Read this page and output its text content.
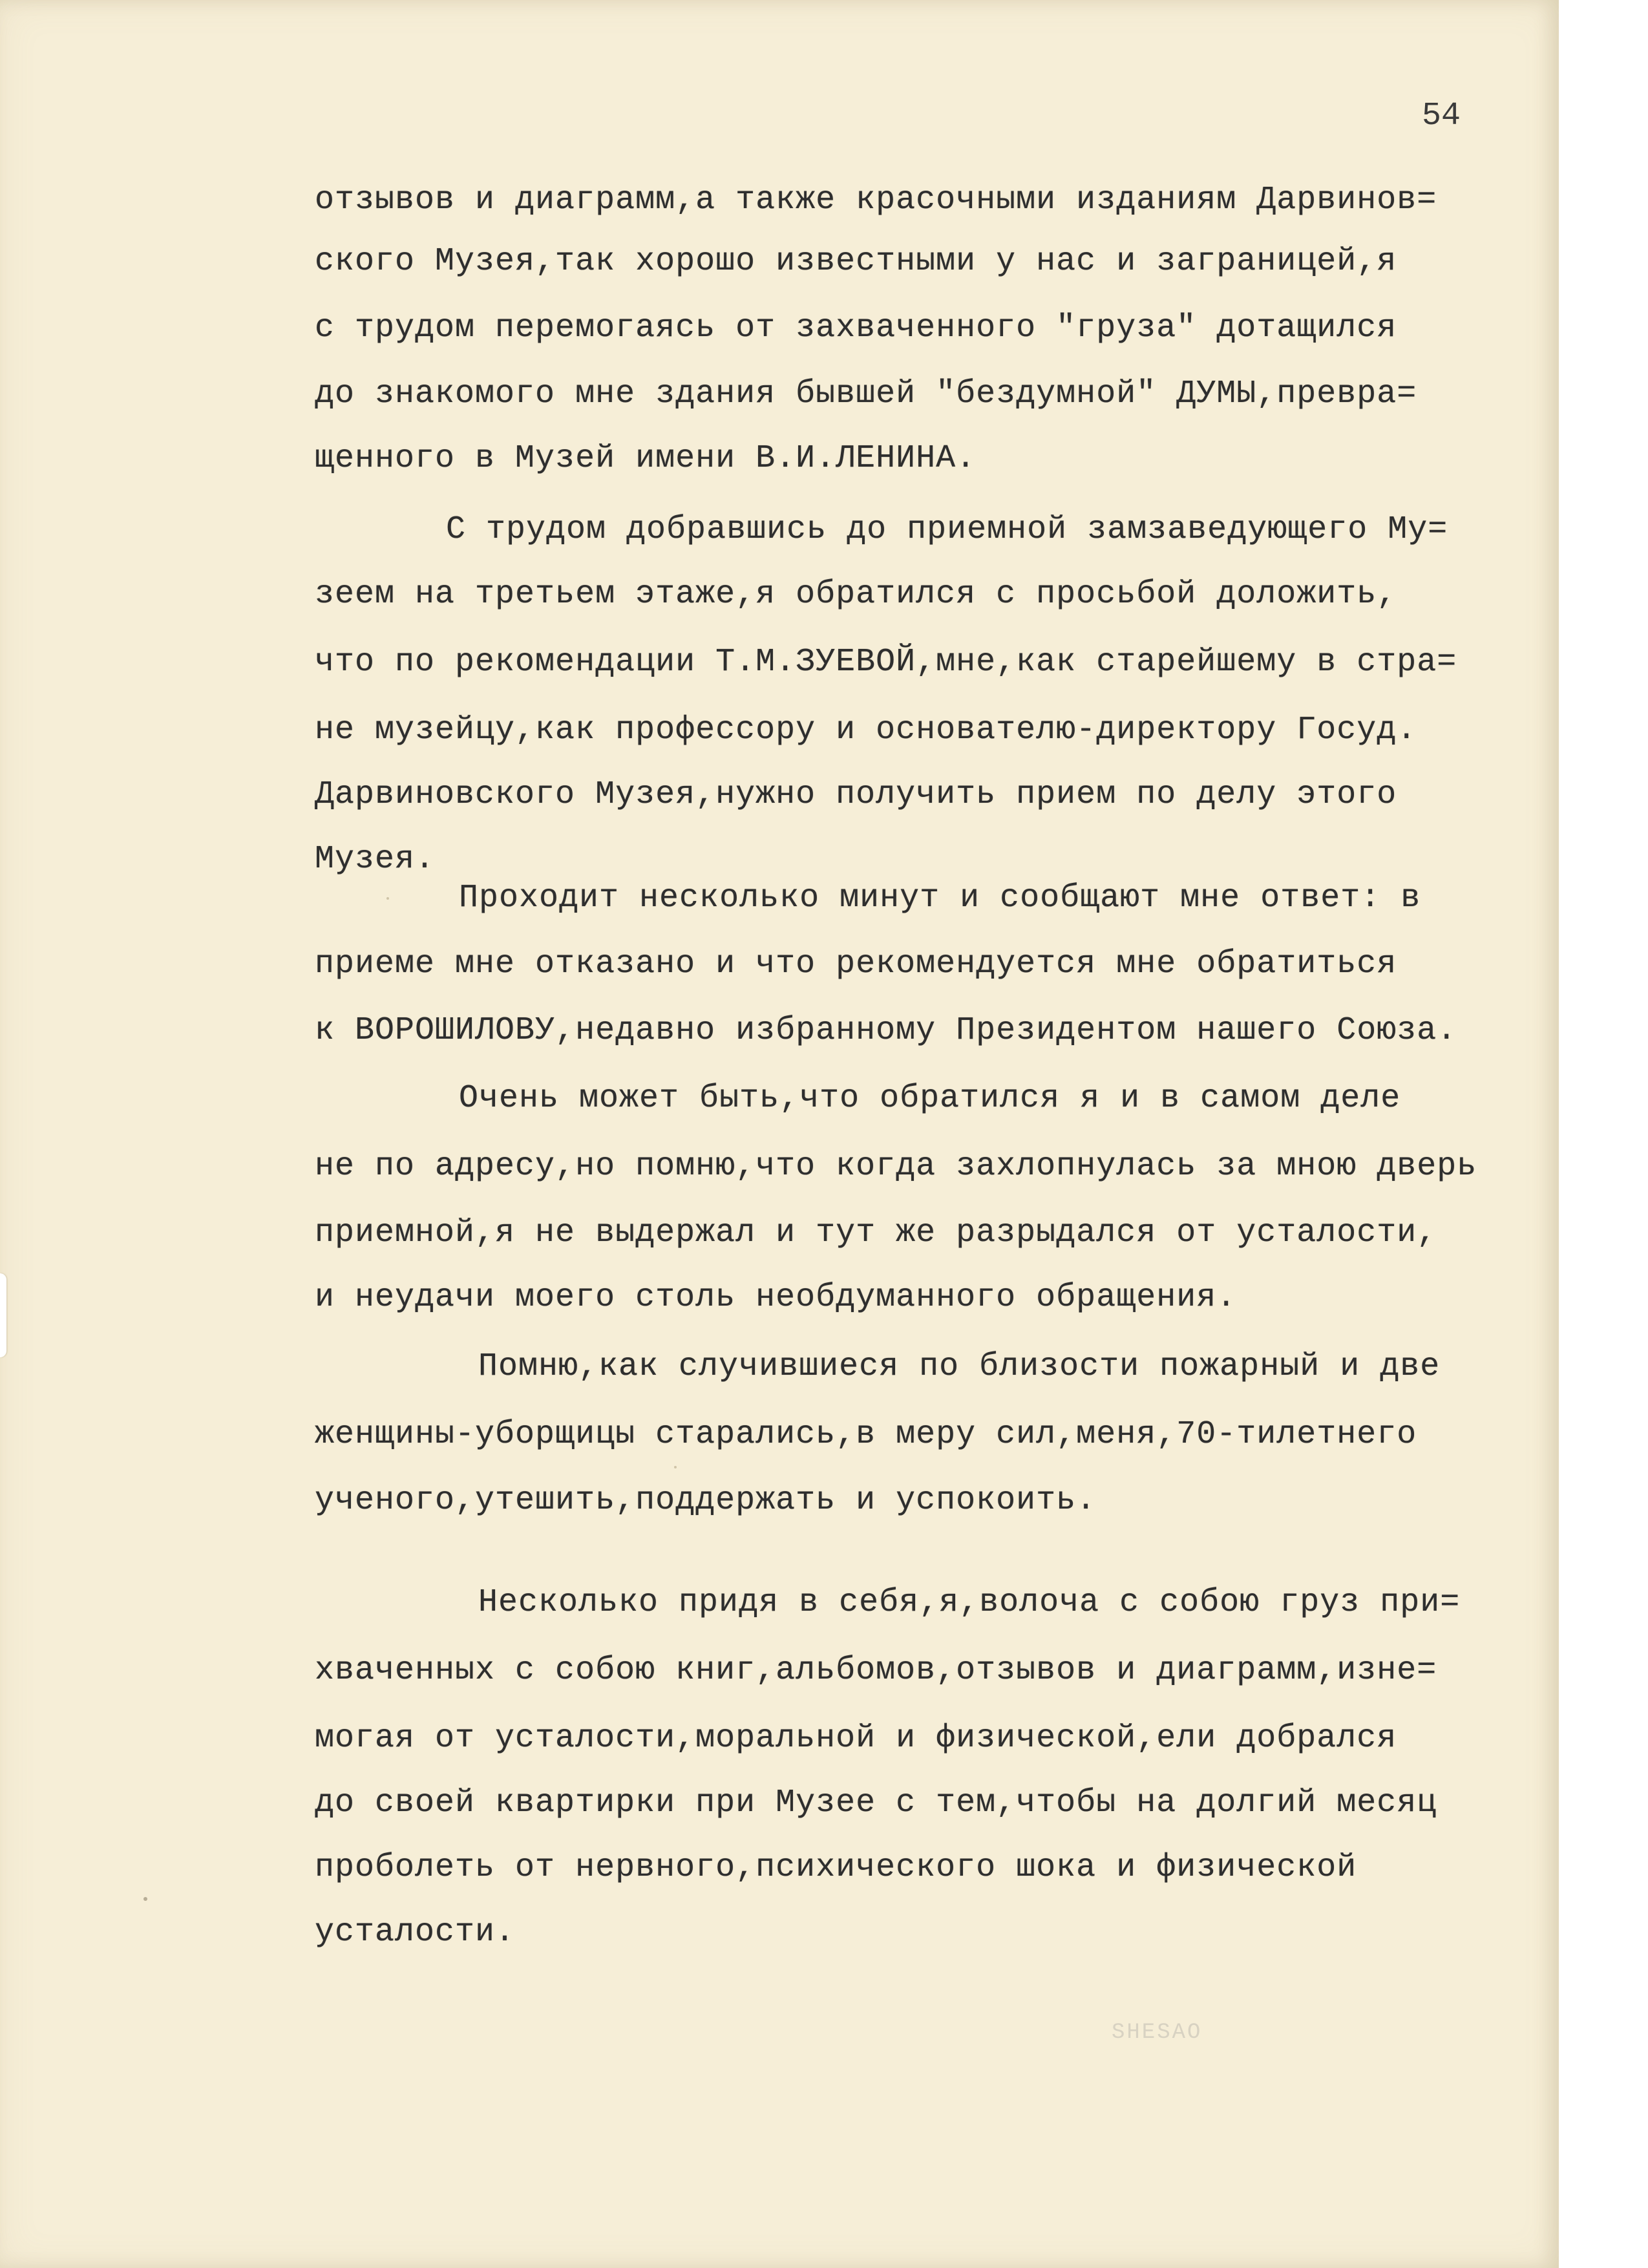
54

отзывов и диаграмм,а также красочными изданиям Дарвинов=

ского Музея,так хорошо известными у нас и заграницей,я

с трудом перемогаясь от захваченного "груза" дотащился

до знакомого мне здания бывшей "бездумной" ДУМЫ,превра=

щенного в Музей имени В.И.ЛЕНИНА.

С трудом добравшись до приемной замзаведующего Му=

зеем на третьем этаже,я обратился с просьбой доложить,

что по рекомендации Т.М.ЗУЕВОЙ,мне,как старейшему в стра=

не музейцу,как профессору и основателю-директору Госуд.

Дарвиновского Музея,нужно получить прием по делу этого

Музея.

Проходит несколько минут и сообщают мне ответ: в

приеме мне отказано и что рекомендуется мне обратиться

к ВОРОШИЛОВУ,недавно избранному Президентом нашего Союза.

Очень может быть,что обратился я и в самом деле

не по адресу,но помню,что когда захлопнулась за мною дверь

приемной,я не выдержал и тут же разрыдался от усталости,

и неудачи моего столь необдуманного обращения.

Помню,как случившиеся по близости пожарный и две

женщины-уборщицы старались,в меру сил,меня,70-тилетнего

ученого,утешить,поддержать и успокоить.

Несколько придя в себя,я,волоча с собою груз при=

хваченных с собою книг,альбомов,отзывов и диаграмм,изне=

могая от усталости,моральной и физической,ели добрался

до своей квартирки при Музее с тем,чтобы на долгий месяц

проболеть от нервного,психического шока и физической

усталости.

SHESAO
